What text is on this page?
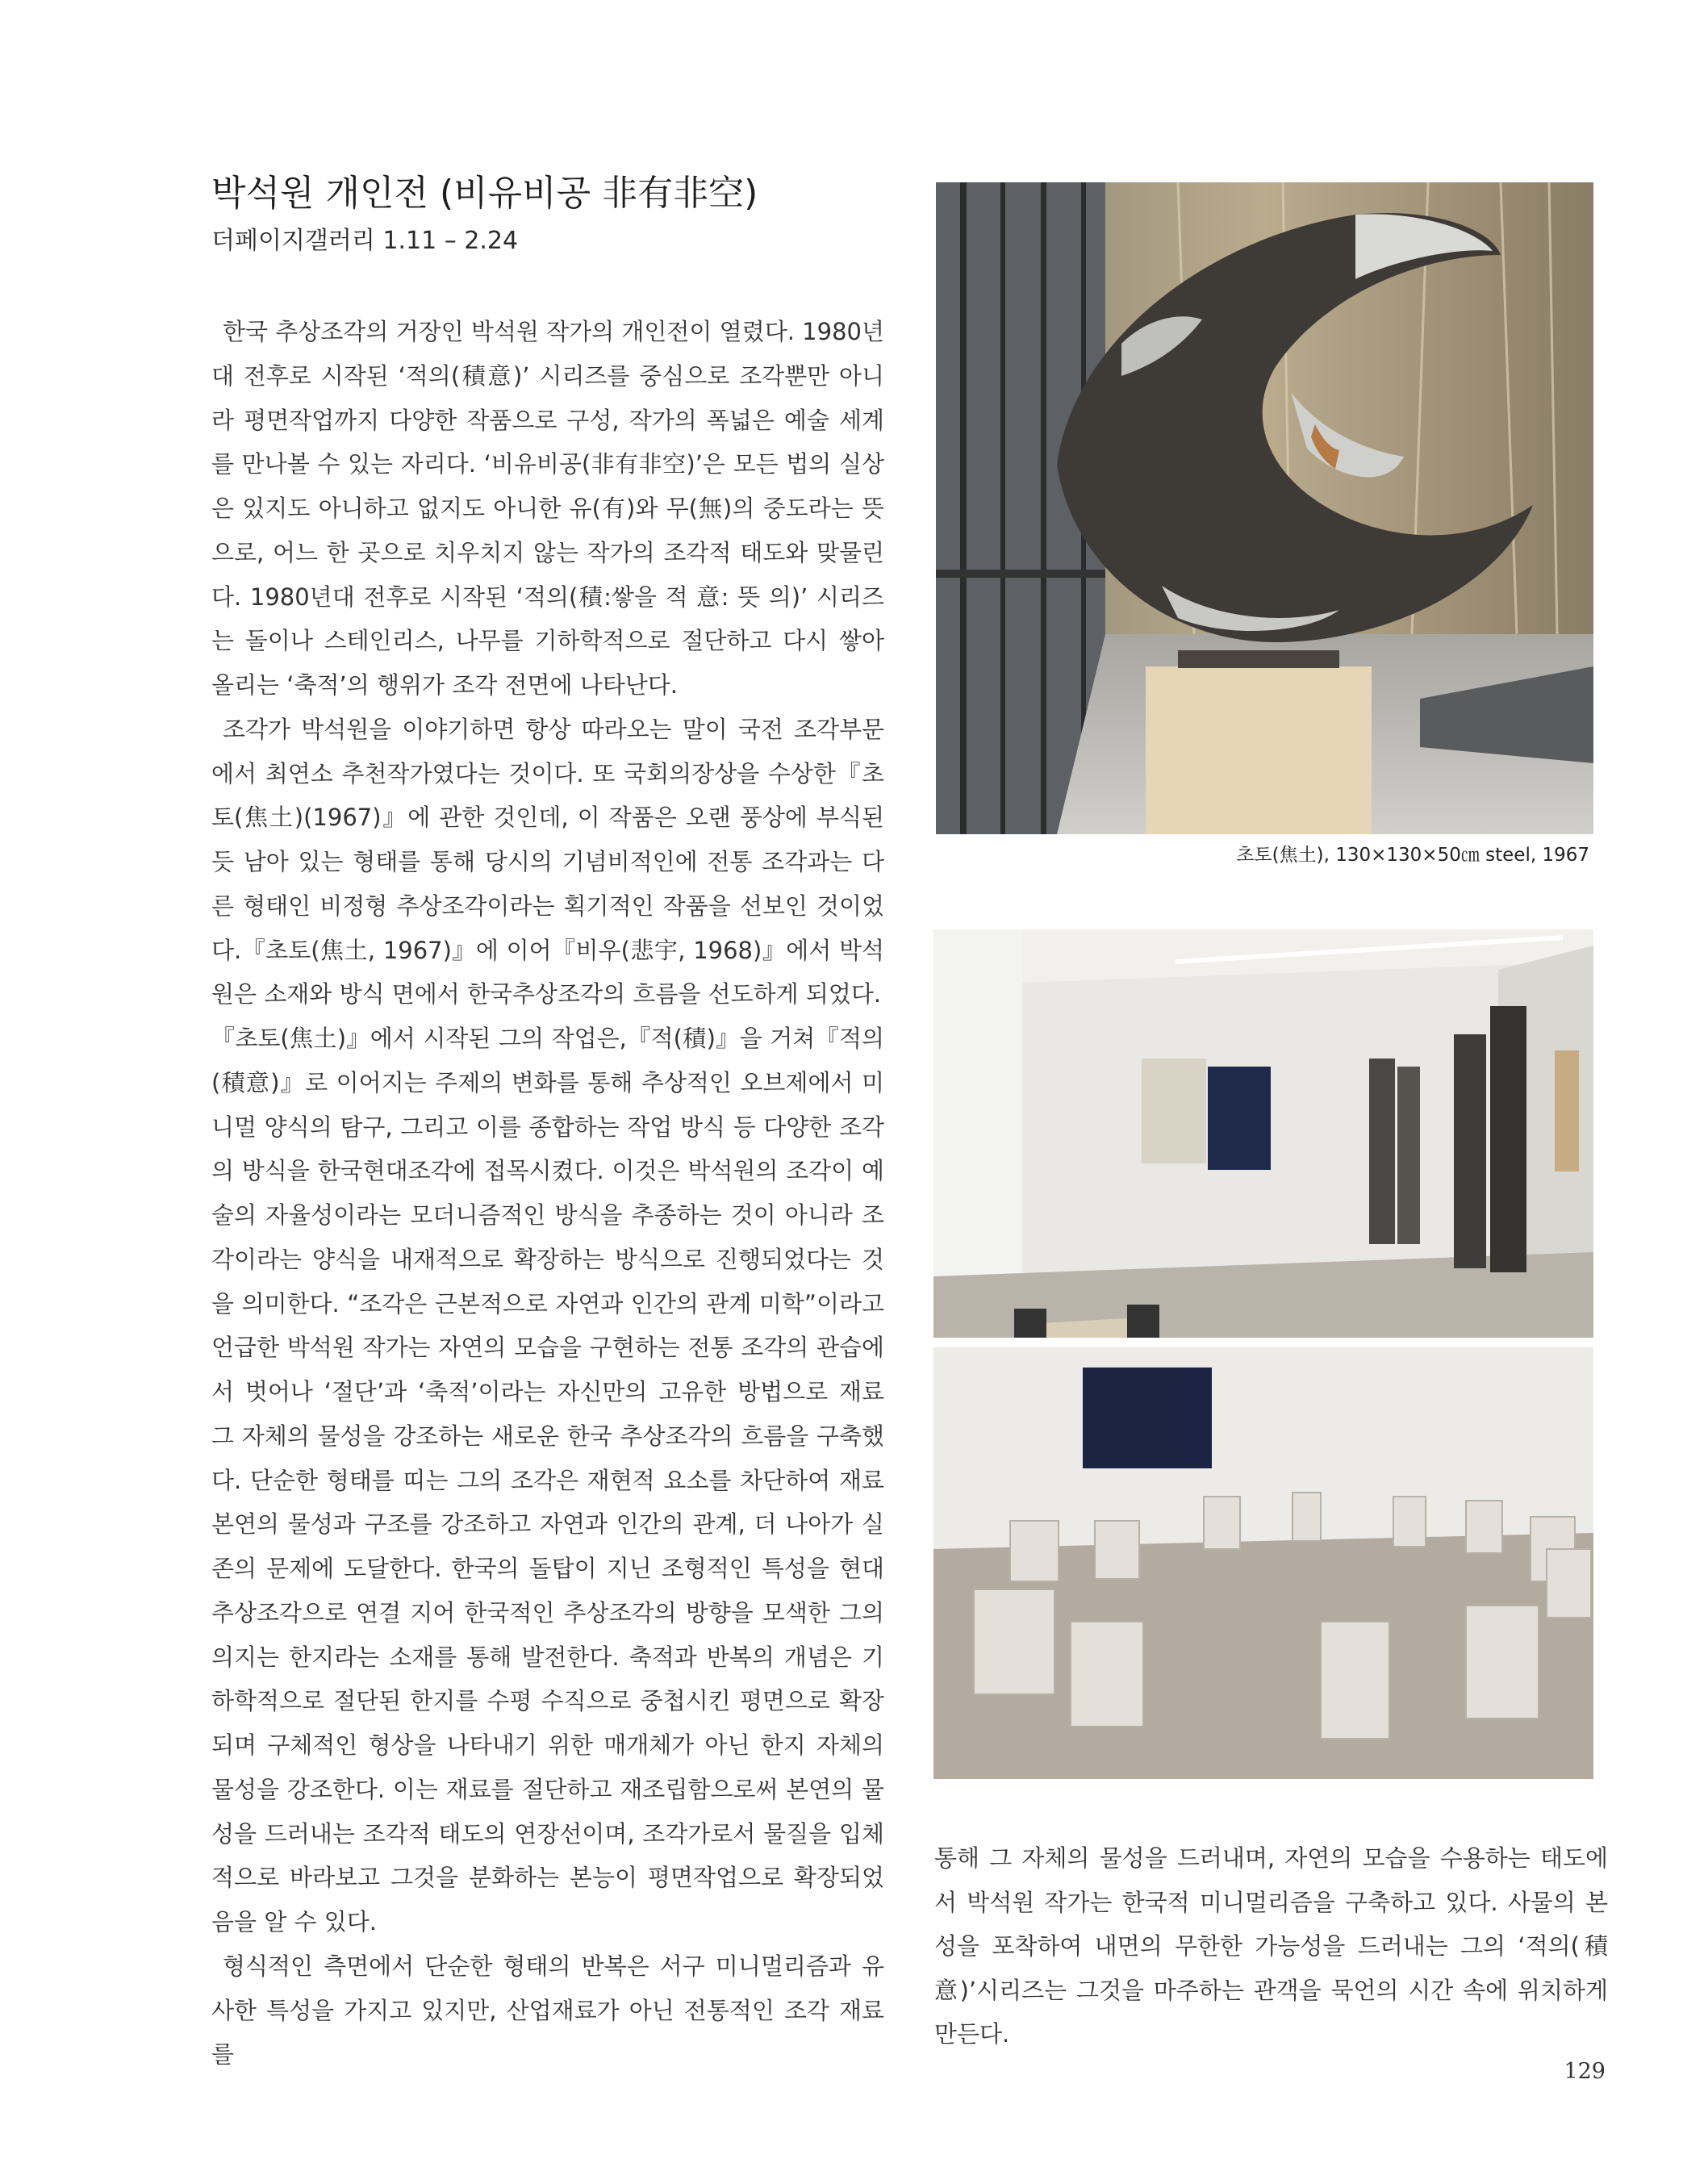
박석원 개인전 (비유비공 非有非空)
더페이지갤러리 1.11 – 2.24

한국 추상조각의 거장인 박석원 작가의 개인전이 열렸다. 1980년대 전후로 시작된 ‘적의(積意)’ 시리즈를 중심으로 조각뿐만 아니라 평면작업까지 다양한 작품으로 구성, 작가의 폭넓은 예술 세계를 만나볼 수 있는 자리다. ‘비유비공(非有非空)’은 모든 법의 실상은 있지도 아니하고 없지도 아니한 유(有)와 무(無)의 중도라는 뜻으로, 어느 한 곳으로 치우치지 않는 작가의 조각적 태도와 맞물린다. 1980년대 전후로 시작된 ‘적의(積:쌓을 적 意: 뜻 의)’ 시리즈는 돌이나 스테인리스, 나무를 기하학적으로 절단하고 다시 쌓아 올리는 ‘축적’의 행위가 조각 전면에 나타난다.

조각가 박석원을 이야기하면 항상 따라오는 말이 국전 조각부문에서 최연소 추천작가였다는 것이다. 또 국회의장상을 수상한『초토(焦土)(1967)』에 관한 것인데, 이 작품은 오랜 풍상에 부식된 듯 남아 있는 형태를 통해 당시의 기념비적인에 전통 조각과는 다른 형태인 비정형 추상조각이라는 획기적인 작품을 선보인 것이었다.『초토(焦土, 1967)』에 이어『비우(悲宇, 1968)』에서 박석원은 소재와 방식 면에서 한국추상조각의 흐름을 선도하게 되었다.

『초토(焦土)』에서 시작된 그의 작업은,『적(積)』을 거쳐『적의(積意)』로 이어지는 주제의 변화를 통해 추상적인 오브제에서 미니멀 양식의 탐구, 그리고 이를 종합하는 작업 방식 등 다양한 조각의 방식을 한국현대조각에 접목시켰다. 이것은 박석원의 조각이 예술의 자율성이라는 모더니즘적인 방식을 추종하는 것이 아니라 조각이라는 양식을 내재적으로 확장하는 방식으로 진행되었다는 것을 의미한다. “조각은 근본적으로 자연과 인간의 관계 미학”이라고 언급한 박석원 작가는 자연의 모습을 구현하는 전통 조각의 관습에서 벗어나 ‘절단’과 ‘축적’이라는 자신만의 고유한 방법으로 재료 그 자체의 물성을 강조하는 새로운 한국 추상조각의 흐름을 구축했다. 단순한 형태를 띠는 그의 조각은 재현적 요소를 차단하여 재료 본연의 물성과 구조를 강조하고 자연과 인간의 관계, 더 나아가 실존의 문제에 도달한다. 한국의 돌탑이 지닌 조형적인 특성을 현대 추상조각으로 연결 지어 한국적인 추상조각의 방향을 모색한 그의 의지는 한지라는 소재를 통해 발전한다. 축적과 반복의 개념은 기하학적으로 절단된 한지를 수평 수직으로 중첩시킨 평면으로 확장되며 구체적인 형상을 나타내기 위한 매개체가 아닌 한지 자체의 물성을 강조한다. 이는 재료를 절단하고 재조립함으로써 본연의 물성을 드러내는 조각적 태도의 연장선이며, 조각가로서 물질을 입체적으로 바라보고 그것을 분화하는 본능이 평면작업으로 확장되었음을 알 수 있다.

형식적인 측면에서 단순한 형태의 반복은 서구 미니멀리즘과 유사한 특성을 가지고 있지만, 산업재료가 아닌 전통적인 조각 재료를

초토(焦土), 130×130×50㎝ steel, 1967

통해 그 자체의 물성을 드러내며, 자연의 모습을 수용하는 태도에서 박석원 작가는 한국적 미니멀리즘을 구축하고 있다. 사물의 본성을 포착하여 내면의 무한한 가능성을 드러내는 그의 ‘적의(積意)’시리즈는 그것을 마주하는 관객을 묵언의 시간 속에 위치하게 만든다.

129
